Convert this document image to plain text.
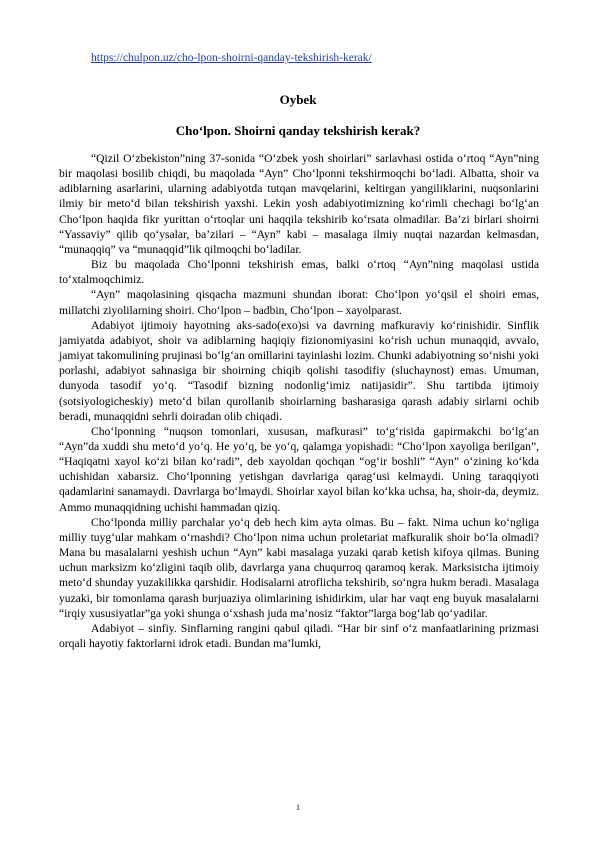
https://chulpon.uz/cho-lpon-shoirni-qanday-tekshirish-kerak/
Oybek
Cho‘lpon. Shoirni qanday tekshirish kerak?

“Qizil O‘zbekiston”ning 37-sonida “O‘zbek yosh shoirlari” sarlavhasi ostida o‘rtoq “Ayn”ning bir maqolasi bosilib chiqdi, bu maqolada “Ayn” Cho‘lponni tekshirmoqchi bo‘ladi. Albatta, shoir va adiblarning asarlarini, ularning adabiyotda tutqan mavqelarini, keltirgan yangiliklarini, nuqsonlarini ilmiy bir metо‘d bilan tekshirish yaxshi. Lekin yosh adabiyotimizning ko‘rimli chechagi bo‘lg‘an Cho‘lpon haqida fikr yurittan o‘rtoqlar uni haqqila tekshirib ko‘rsata olmadilar. Ba’zi birlari shoirni “Yassaviy” qilib qo‘ysalar, ba’zilari – “Ayn” kabi – masalaga ilmiy nuqtai nazardan kelmasdan, “munaqqiq” va “munaqqid”lik qilmoqchi bo‘ladilar.

Biz bu maqolada Cho‘lponni tekshirish emas, balki o‘rtoq “Ayn”ning maqolasi ustida to‘xtalmoqchimiz.

“Ayn” maqolasining qisqacha mazmuni shundan iborat: Cho‘lpon yo‘qsil el shoiri emas, millatchi ziyolilarning shoiri. Cho‘lpon – badbin, Cho‘lpon – xayolparast.

Adabiyot ijtimoiy hayotning aks-sado(exo)si va davrning mafkuraviy ko‘rinishidir. Sinflik jamiyatda adabiyot, shoir va adiblarning haqiqiy fizionomiyasini ko‘rish uchun munaqqid, avvalo, jamiyat takomulining prujinasi bo‘lg‘an omillarini tayinlashi lozim. Chunki adabiyotning so‘nishi yoki porlashi, adabiyot sahnasiga bir shoirning chiqib qolishi tasodifiy (sluchaynost) emas. Umuman, dunyoda tasodif yo‘q. “Tasodif bizning nodonlig‘imiz natijasidir”. Shu tartibda ijtimoiy (sotsiyologicheskiy) metо‘d bilan qurollanib shoirlarning basharasiga qarash adabiy sirlarni ochib beradi, munaqqidni sehrli doiradan olib chiqadi.

Cho‘lponning “nuqson tomonlari, xususan, mafkurasi” to‘g‘risida gapirmakchi bo‘lg‘an “Ayn”da xuddi shu metо‘d yo‘q. He yo‘q, be yo‘q, qalamga yopishadi: “Cho‘lpon xayoliga berilgan”, “Haqiqatni xayol ko‘zi bilan ko‘radi”, deb xayoldan qochqan “og‘ir boshli” “Ayn” o‘zining ko‘kda uchishidan xabarsiz. Cho‘lponning yetishgan davrlariga qarag‘usi kelmaydi. Uning taraqqiyoti qadamlarini sanamaydi. Davrlarga bo‘lmaydi. Shoirlar xayol bilan ko‘kka uchsa, ha, shoir-da, deymiz. Ammo munaqqidning uchishi hammadan qiziq.

Cho‘lponda milliy parchalar yo‘q deb hech kim ayta olmas. Bu – fakt. Nima uchun ko‘ngliga milliy tuyg‘ular mahkam o‘rnashdi? Cho‘lpon nima uchun proletariat mafkuralik shoir bo‘la olmadi? Mana bu masalalarni yeshish uchun “Ayn” kabi masalaga yuzaki qarab ketish kifoya qilmas. Buning uchun marksizm ko‘zligini taqib olib, davrlarga yana chuqurroq qaramoq kerak. Marksistcha ijtimoiy metо‘d shunday yuzakilikka qarshidir. Hodisalarni atroflicha tekshirib, so‘ngra hukm beradi. Masalaga yuzaki, bir tomonlama qarash burjuaziya olimlarining ishidirkim, ular har vaqt eng buyuk masalalarni “irqiy xususiyatlar”ga yoki shunga o‘xshash juda ma’nosiz “faktor”larga bog‘lab qo‘yadilar.

Adabiyot – sinfiy. Sinflarning rangini qabul qiladi. “Har bir sinf o‘z manfaatlarining prizmasi orqali hayotiy faktorlarni idrok etadi. Bundan ma’lumki,

1
